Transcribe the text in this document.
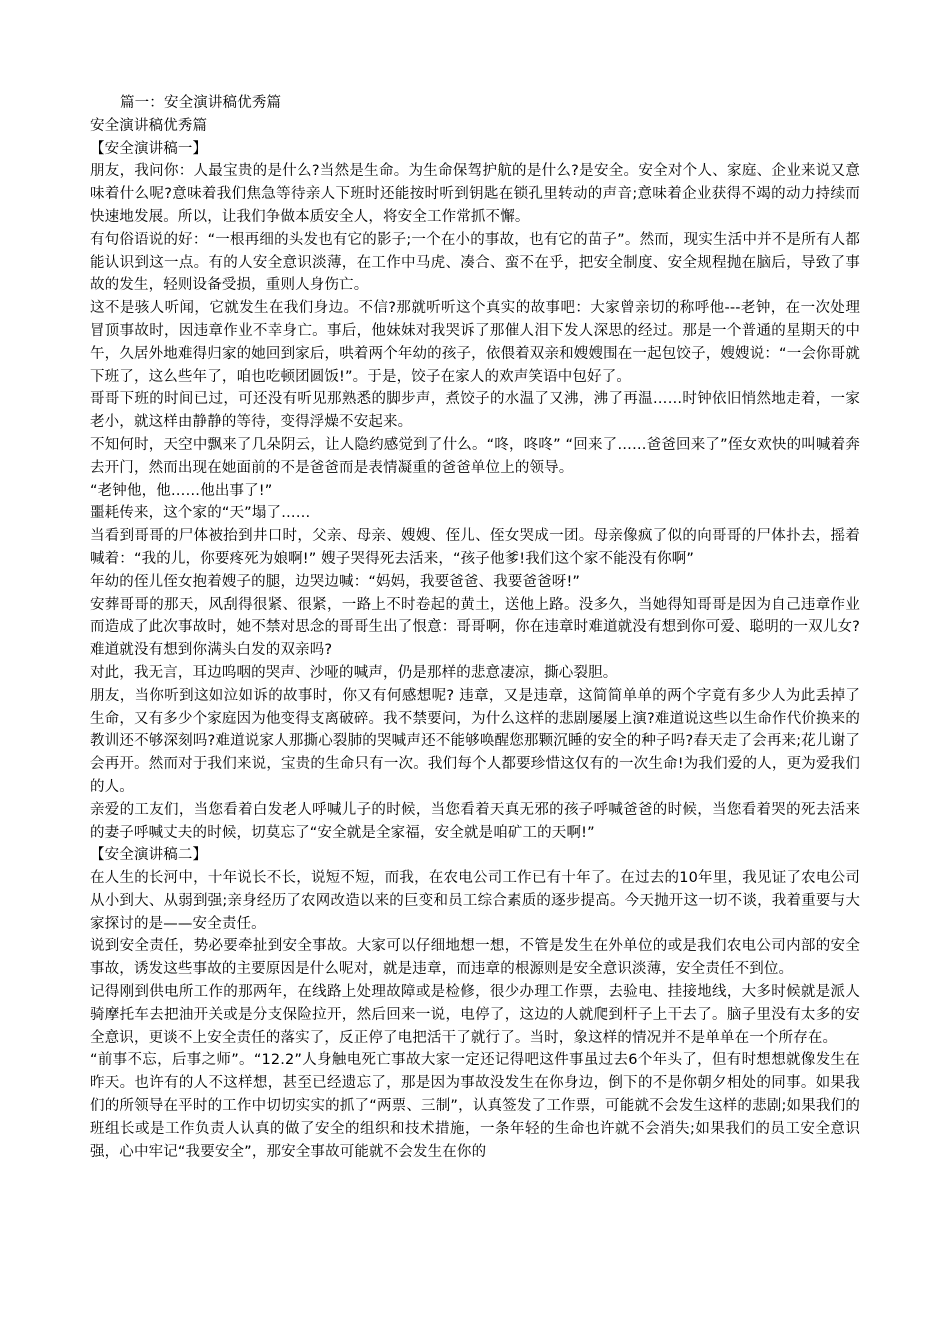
篇一：安全演讲稿优秀篇

安全演讲稿优秀篇

【安全演讲稿一】

朋友，我问你：人最宝贵的是什么?当然是生命。为生命保驾护航的是什么?是安全。安全对个人、家庭、企业来说又意味着什么呢?意味着我们焦急等待亲人下班时还能按时听到钥匙在锁孔里转动的声音;意味着企业获得不竭的动力持续而快速地发展。所以，让我们争做本质安全人，将安全工作常抓不懈。

有句俗语说的好：“一根再细的头发也有它的影子;一个在小的事故，也有它的苗子”。然而，现实生活中并不是所有人都能认识到这一点。有的人安全意识淡薄，在工作中马虎、凑合、蛮不在乎，把安全制度、安全规程抛在脑后，导致了事故的发生，轻则设备受损，重则人身伤亡。

这不是骇人听闻，它就发生在我们身边。不信?那就听听这个真实的故事吧：大家曾亲切的称呼他---老钟，在一次处理冒顶事故时，因违章作业不幸身亡。事后，他妹妹对我哭诉了那催人泪下发人深思的经过。那是一个普通的星期天的中午，久居外地难得归家的她回到家后，哄着两个年幼的孩子，依偎着双亲和嫂嫂围在一起包饺子，嫂嫂说：“一会你哥就下班了，这么些年了，咱也吃顿团圆饭!”。于是，饺子在家人的欢声笑语中包好了。

哥哥下班的时间已过，可还没有听见那熟悉的脚步声，煮饺子的水温了又沸，沸了再温……时钟依旧悄然地走着，一家老小，就这样由静静的等待，变得浮燥不安起来。

不知何时，天空中飘来了几朵阴云，让人隐约感觉到了什么。“咚，咚咚” “回来了……爸爸回来了”侄女欢快的叫喊着奔去开门，然而出现在她面前的不是爸爸而是表情凝重的爸爸单位上的领导。

“老钟他，他……他出事了!”

噩耗传来，这个家的“天”塌了……

当看到哥哥的尸体被抬到井口时，父亲、母亲、嫂嫂、侄儿、侄女哭成一团。母亲像疯了似的向哥哥的尸体扑去，摇着喊着：“我的儿，你要疼死为娘啊!” 嫂子哭得死去活来，“孩子他爹!我们这个家不能没有你啊”

年幼的侄儿侄女抱着嫂子的腿，边哭边喊：“妈妈，我要爸爸、我要爸爸呀!”

安葬哥哥的那天，风刮得很紧、很紧，一路上不时卷起的黄土，送他上路。没多久，当她得知哥哥是因为自己违章作业而造成了此次事故时，她不禁对思念的哥哥生出了恨意：哥哥啊，你在违章时难道就没有想到你可爱、聪明的一双儿女?难道就没有想到你满头白发的双亲吗?

对此，我无言，耳边呜咽的哭声、沙哑的喊声，仍是那样的悲意凄凉，撕心裂胆。

朋友，当你听到这如泣如诉的故事时，你又有何感想呢? 违章，又是违章，这简简单单的两个字竟有多少人为此丢掉了生命，又有多少个家庭因为他变得支离破碎。我不禁要问，为什么这样的悲剧屡屡上演?难道说这些以生命作代价换来的教训还不够深刻吗?难道说家人那撕心裂肺的哭喊声还不能够唤醒您那颗沉睡的安全的种子吗?春天走了会再来;花儿谢了会再开。然而对于我们来说，宝贵的生命只有一次。我们每个人都要珍惜这仅有的一次生命!为我们爱的人，更为爱我们的人。

亲爱的工友们，当您看着白发老人呼喊儿子的时候，当您看着天真无邪的孩子呼喊爸爸的时候，当您看着哭的死去活来的妻子呼喊丈夫的时候，切莫忘了“安全就是全家福，安全就是咱矿工的天啊!”

【安全演讲稿二】

在人生的长河中，十年说长不长，说短不短，而我，在农电公司工作已有十年了。在过去的10年里，我见证了农电公司从小到大、从弱到强;亲身经历了农网改造以来的巨变和员工综合素质的逐步提高。今天抛开这一切不谈，我着重要与大家探讨的是——安全责任。

说到安全责任，势必要牵扯到安全事故。大家可以仔细地想一想，不管是发生在外单位的或是我们农电公司内部的安全事故，诱发这些事故的主要原因是什么呢对，就是违章，而违章的根源则是安全意识淡薄，安全责任不到位。

记得刚到供电所工作的那两年，在线路上处理故障或是检修，很少办理工作票，去验电、挂接地线，大多时候就是派人骑摩托车去把油开关或是分支保险拉开，然后回来一说，电停了，这边的人就爬到杆子上干去了。脑子里没有太多的安全意识，更谈不上安全责任的落实了，反正停了电把活干了就行了。当时，象这样的情况并不是单单在一个所存在。

“前事不忘，后事之师”。“12.2”人身触电死亡事故大家一定还记得吧这件事虽过去6个年头了，但有时想想就像发生在昨天。也许有的人不这样想，甚至已经遗忘了，那是因为事故没发生在你身边，倒下的不是你朝夕相处的同事。如果我们的所领导在平时的工作中切切实实的抓了“两票、三制”，认真签发了工作票，可能就不会发生这样的悲剧;如果我们的班组长或是工作负责人认真的做了安全的组织和技术措施，一条年轻的生命也许就不会消失;如果我们的员工安全意识强，心中牢记“我要安全”，那安全事故可能就不会发生在你的
